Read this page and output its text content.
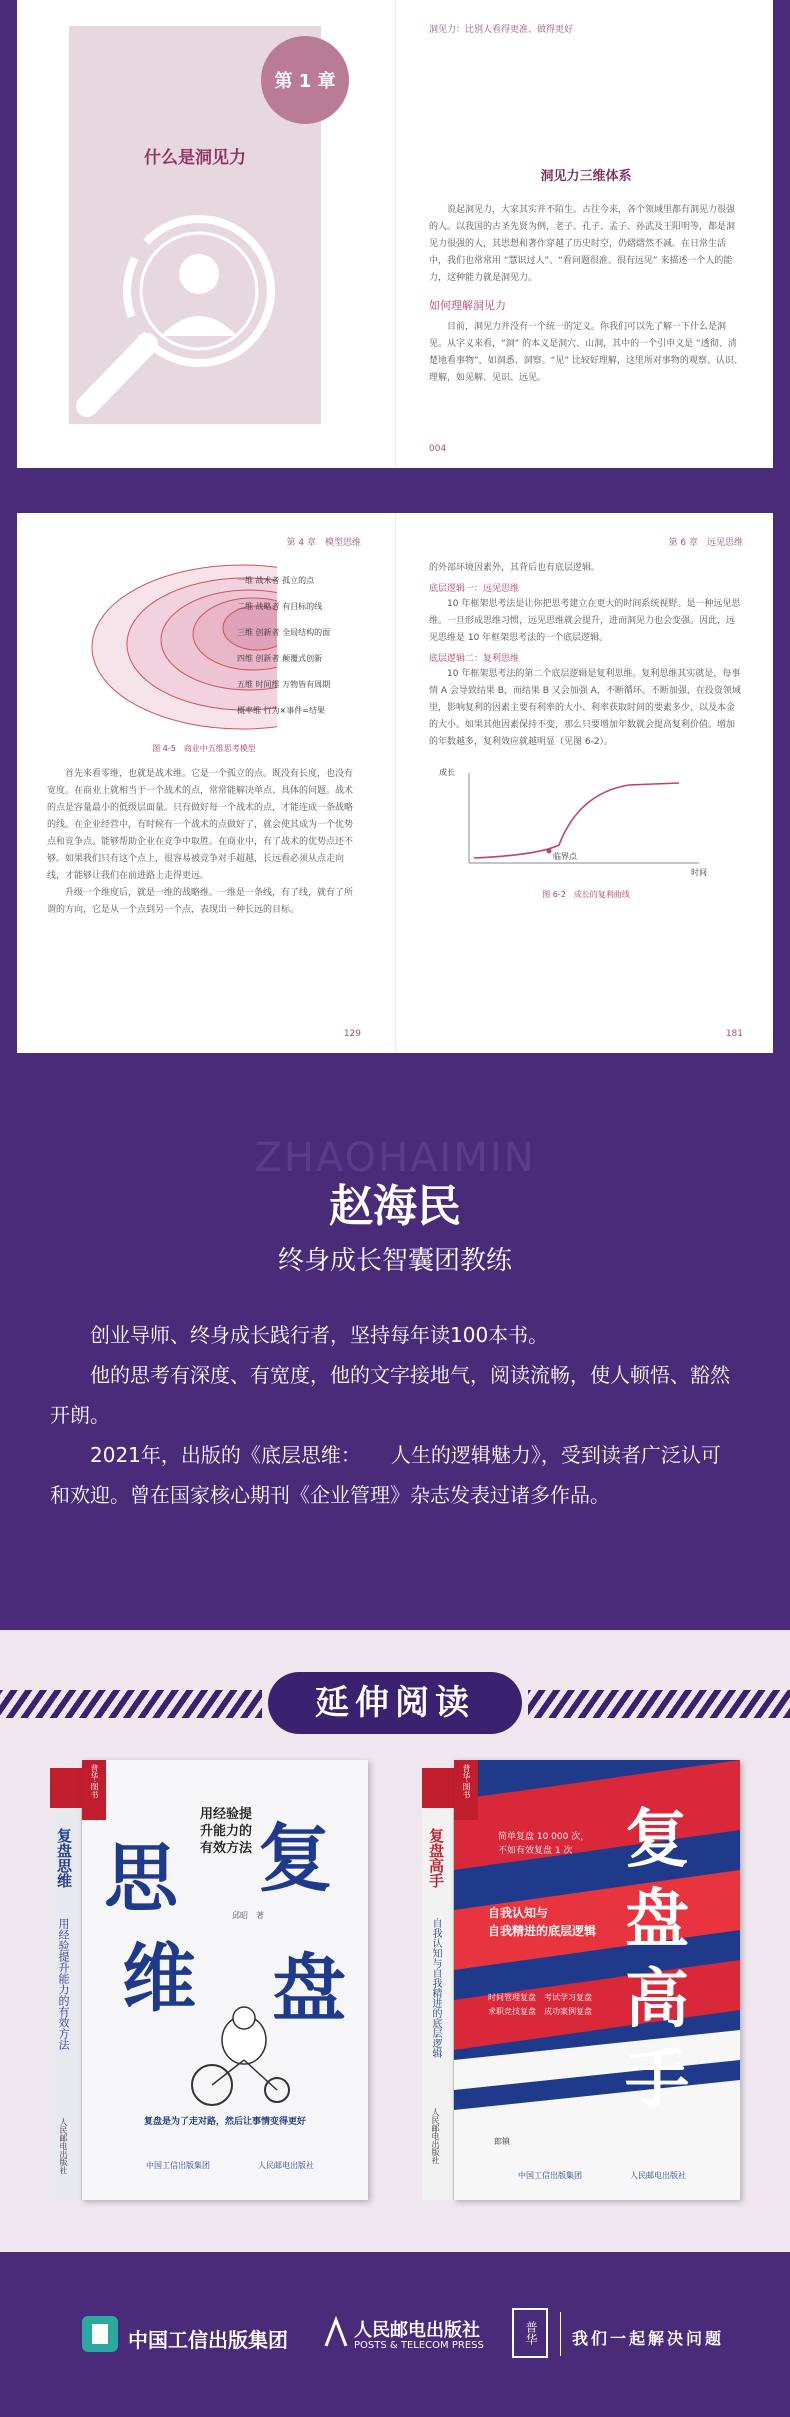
第 1 章
什么是洞见力
洞见力：比别人看得更准、做得更好
洞见力三维体系

说起洞见力，大家其实并不陌生。古往今来，各个领域里都有洞见力很强的人。以我国的古圣先贤为例，老子、孔子、孟子、孙武及王阳明等，都是洞见力很强的人，其思想和著作穿越了历史时空，仍熠熠然不减。在日常生活中，我们也常常用 “慧识过人”、“看问题很准、很有远见” 来描述一个人的能力，这种能力就是洞见力。

如何理解洞见力

目前，洞见力并没有一个统一的定义。你我们可以先了解一下什么是洞见。从字义来看，“洞” 的本义是洞穴、山洞，其中的一个引申义是 “透彻、清楚地看事物”，如洞悉、洞察。“见” 比较好理解，这里所对事物的观察、认识、理解，如见解、见识、远见。

004
第 4 章　模型思维
一维 战术者 孤立的点
二维 战略者 有目标的线
三维 创新者 全局结构的面
四维 创新者 颠覆式创新
五维 时间维 万物皆有周期
概率维 行为×事件=结果
图 4-5　商业中五维思考模型

首先来看零维，也就是战术维。它是一个孤立的点。既没有长度，也没有宽度。在商业上就相当于一个战术的点，常常能解决单点、具体的问题。战术的点是容量最小的低级层面量。只有做好每一个战术的点，才能连成一条战略的线。在企业经营中，有时候有一个战术的点做好了，就会使其成为一个优势点和竞争点。能够帮助企业在竞争中取胜。在商业中，有了战术的优势点还不够。如果我们只有这个点上，很容易被竞争对手超越，长远看必须从点走向线，才能够让我们在前进路上走得更远。

升级一个维度后，就是一维的战略维。一维是一条线，有了线，就有了所谓的方向，它是从一个点到另一个点，表现出一种长远的目标。

129
第 6 章　远见思维

的外部环境因素外，其背后也有底层逻辑。

底层逻辑一：远见思维

10 年框架思考法是让你把思考建立在更大的时间系统视野。是一种远见思维。一旦形成思维习惯，远见思维就会提升，进而洞见力也会变强。因此，远见思维是 10 年框架思考法的一个底层逻辑。

底层逻辑二：复利思维

10 年框架思考法的第二个底层逻辑是复利思维。复利思维其实就是，每事情 A 会导致结果 B，而结果 B 又会加强 A，不断循环。不断加强，在投资领域里，影响复利的因素主要有利率的大小、利率获取时间的要素多少，以及本金的大小。如果其他因素保持不变，那么只要增加年数就会提高复利价值。增加的年数越多，复利效应就越明显（见图 6-2）。

成长
时间
临界点
图 6-2　成长的复利曲线
181
ZHAOHAIMIN
赵海民
终身成长智囊团教练

创业导师、终身成长践行者，坚持每年读100本书。

他的思考有深度、有宽度，他的文字接地气，阅读流畅，使人顿悟、豁然开朗。

2021年，出版的《底层思维：　　人生的逻辑魅力》，受到读者广泛认可和欢迎。曾在国家核心期刊《企业管理》杂志发表过诸多作品。

延伸阅读
复盘思维
用经验提升能力的有效方法
人民邮电出版社
普华·图书
思 复
维 盘
用经验提升能力的有效方法
邱昭　著
复盘是为了走对路，然后让事情变得更好
中国工信出版集团	人民邮电出版社
复盘高手
自我认知与自我精进的底层逻辑
人民邮电出版社
普华·图书
简单复盘 10 000 次，不如有效复盘 1 次
自我认知与
自我精进的底层逻辑
时间管理复盘　考试学习复盘
求职竞技复盘　成功案例复盘
复
盘
高
手
郎镇
中国工信出版集团	人民邮电出版社
中国工信出版集团	人民邮电出版社
POSTS & TELECOM PRESS
普华	我们一起解决问题
